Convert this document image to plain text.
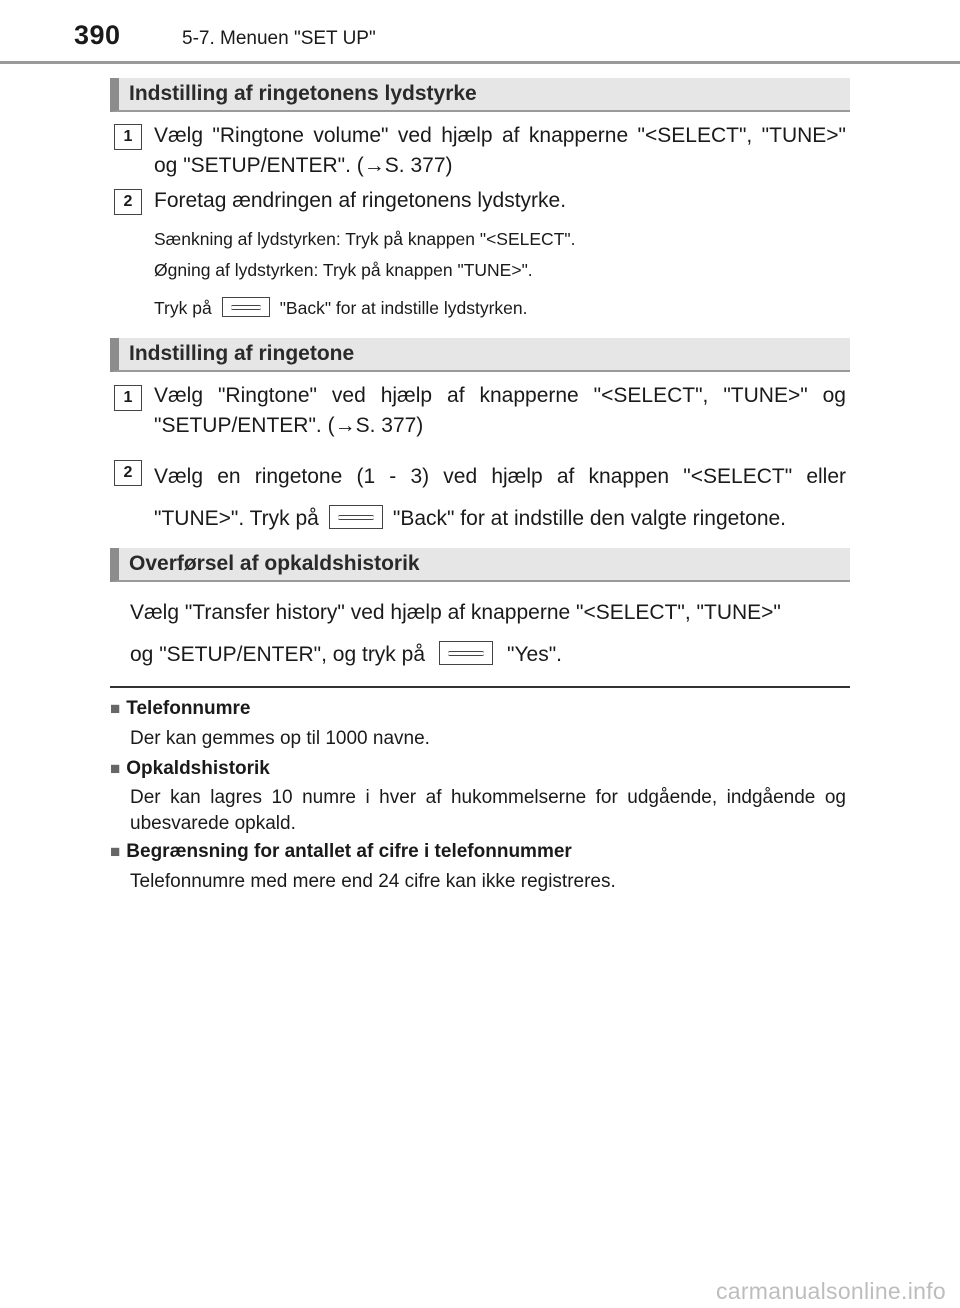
390	5-7. Menuen "SET UP"
Indstilling af ringetonens lydstyrke
1	Vælg "Ringtone volume" ved hjælp af knapperne "<SELECT", "TUNE>" og "SETUP/ENTER". (→S. 377)
2	Foretag ændringen af ringetonens lydstyrke.
Sænkning af lydstyrken: Tryk på knappen "<SELECT".
Øgning af lydstyrken: Tryk på knappen "TUNE>".
Tryk på	"Back" for at indstille lydstyrken.
Indstilling af ringetone
1	Vælg "Ringtone" ved hjælp af knapperne "<SELECT", "TUNE>" og "SETUP/ENTER". (→S. 377)
2	Vælg en ringetone (1 - 3) ved hjælp af knappen "<SELECT" eller
"TUNE>". Tryk på	"Back" for at indstille den valgte ringetone.
Overførsel af opkaldshistorik
Vælg "Transfer history" ved hjælp af knapperne "<SELECT", "TUNE>"
og "SETUP/ENTER", og tryk på	"Yes".
■ Telefonnumre
Der kan gemmes op til 1000 navne.
■ Opkaldshistorik
Der kan lagres 10 numre i hver af hukommelserne for udgående, indgående og ubesvarede opkald.
■ Begrænsning for antallet af cifre i telefonnummer
Telefonnumre med mere end 24 cifre kan ikke registreres.
carmanualsonline.info
